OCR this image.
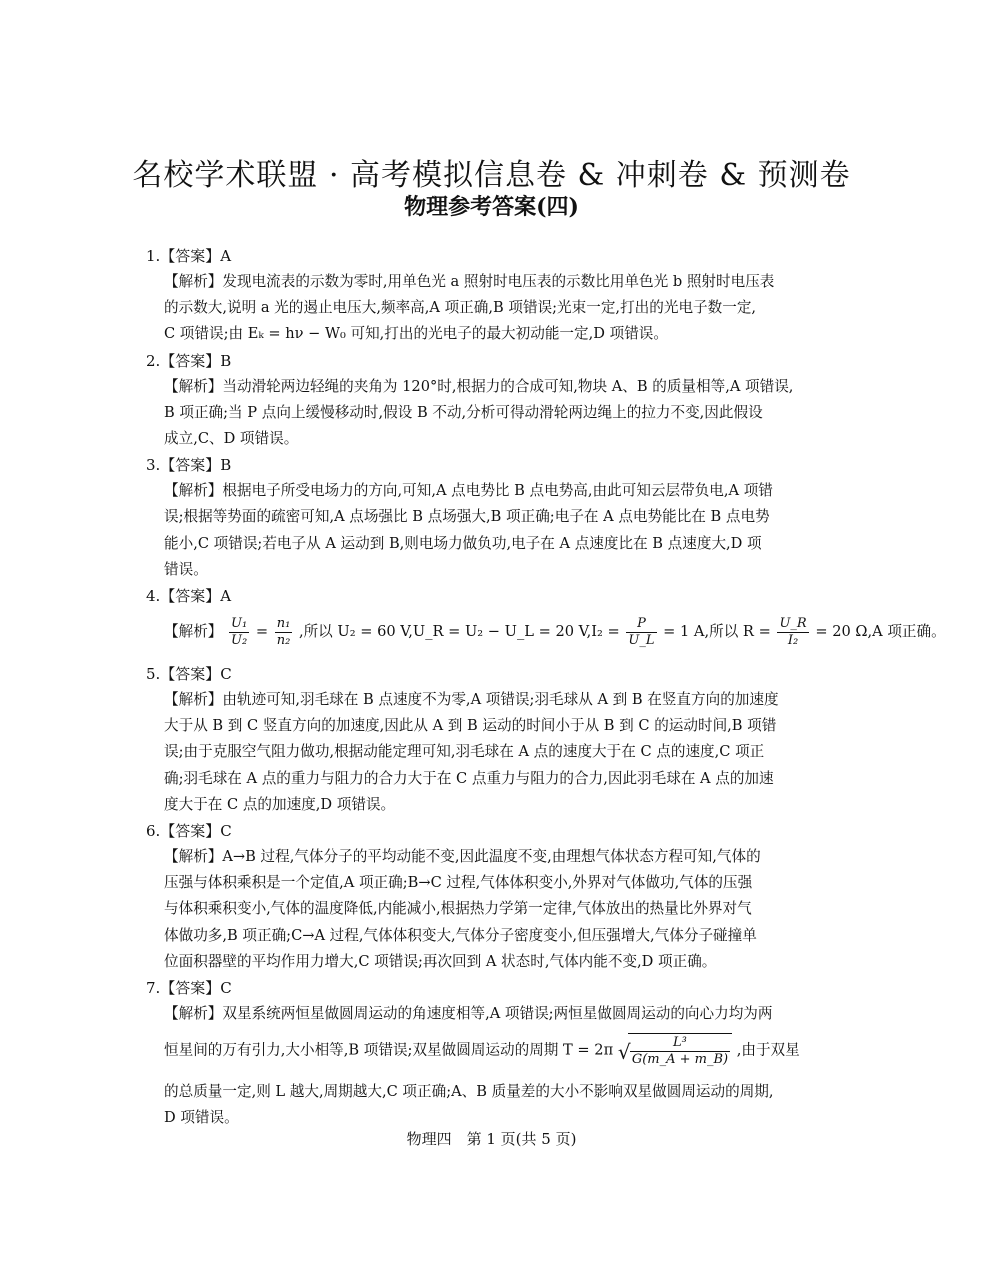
名校学术联盟 · 高考模拟信息卷 & 冲刺卷 & 预测卷
物理参考答案(四)
1.【答案】A
【解析】发现电流表的示数为零时,用单色光 a 照射时电压表的示数比用单色光 b 照射时电压表
的示数大,说明 a 光的遏止电压大,频率高,A 项正确,B 项错误;光束一定,打出的光电子数一定,
C 项错误;由 Eₖ = hν − W₀ 可知,打出的光电子的最大初动能一定,D 项错误。
2.【答案】B
【解析】当动滑轮两边轻绳的夹角为 120°时,根据力的合成可知,物块 A、B 的质量相等,A 项错误,
B 项正确;当 P 点向上缓慢移动时,假设 B 不动,分析可得动滑轮两边绳上的拉力不变,因此假设
成立,C、D 项错误。
3.【答案】B
【解析】根据电子所受电场力的方向,可知,A 点电势比 B 点电势高,由此可知云层带负电,A 项错
误;根据等势面的疏密可知,A 点场强比 B 点场强大,B 项正确;电子在 A 点电势能比在 B 点电势
能小,C 项错误;若电子从 A 运动到 B,则电场力做负功,电子在 A 点速度比在 B 点速度大,D 项
错误。
4.【答案】A
【解析】 $\frac{\text{U₁}}{\text{U₂}} = \frac{\text{n₁}}{\text{n₂}}$ ,所以 U₂ = 60 V,U_R = U₂ − U_L = 20 $V,I_2 = \frac{P}{U\_L} = 1$ A,所以 $R = \frac{U\_R}{\text{I₂}} = 20$ Ω,A 项正确。
5.【答案】C
【解析】由轨迹可知,羽毛球在 B 点速度不为零,A 项错误;羽毛球从 A 到 B 在竖直方向的加速度
大于从 B 到 C 竖直方向的加速度,因此从 A 到 B 运动的时间小于从 B 到 C 的运动时间,B 项错
误;由于克服空气阻力做功,根据动能定理可知,羽毛球在 A 点的速度大于在 C 点的速度,C 项正
确;羽毛球在 A 点的重力与阻力的合力大于在 C 点重力与阻力的合力,因此羽毛球在 A 点的加速
度大于在 C 点的加速度,D 项错误。
6.【答案】C
【解析】A→B 过程,气体分子的平均动能不变,因此温度不变,由理想气体状态方程可知,气体的
压强与体积乘积是一个定值,A 项正确;B→C 过程,气体体积变小,外界对气体做功,气体的压强
与体积乘积变小,气体的温度降低,内能减小,根据热力学第一定律,气体放出的热量比外界对气
体做功多,B 项正确;C→A 过程,气体体积变大,气体分子密度变小,但压强增大,气体分子碰撞单
位面积器壁的平均作用力增大,C 项错误;再次回到 A 状态时,气体内能不变,D 项正确。
7.【答案】C
【解析】双星系统两恒星做圆周运动的角速度相等,A 项错误;两恒星做圆周运动的向心力均为两
恒星间的万有引力,大小相等,B 项错误;双星做圆周运动的周期 T = 2π √ $\frac{\text{L³}}{G(m\_A + m\_B)}$ ,由于双星
的总质量一定,则 L 越大,周期越大,C 项正确;A、B 质量差的大小不影响双星做圆周运动的周期,
D 项错误。
物理四　第 1 页(共 5 页)
